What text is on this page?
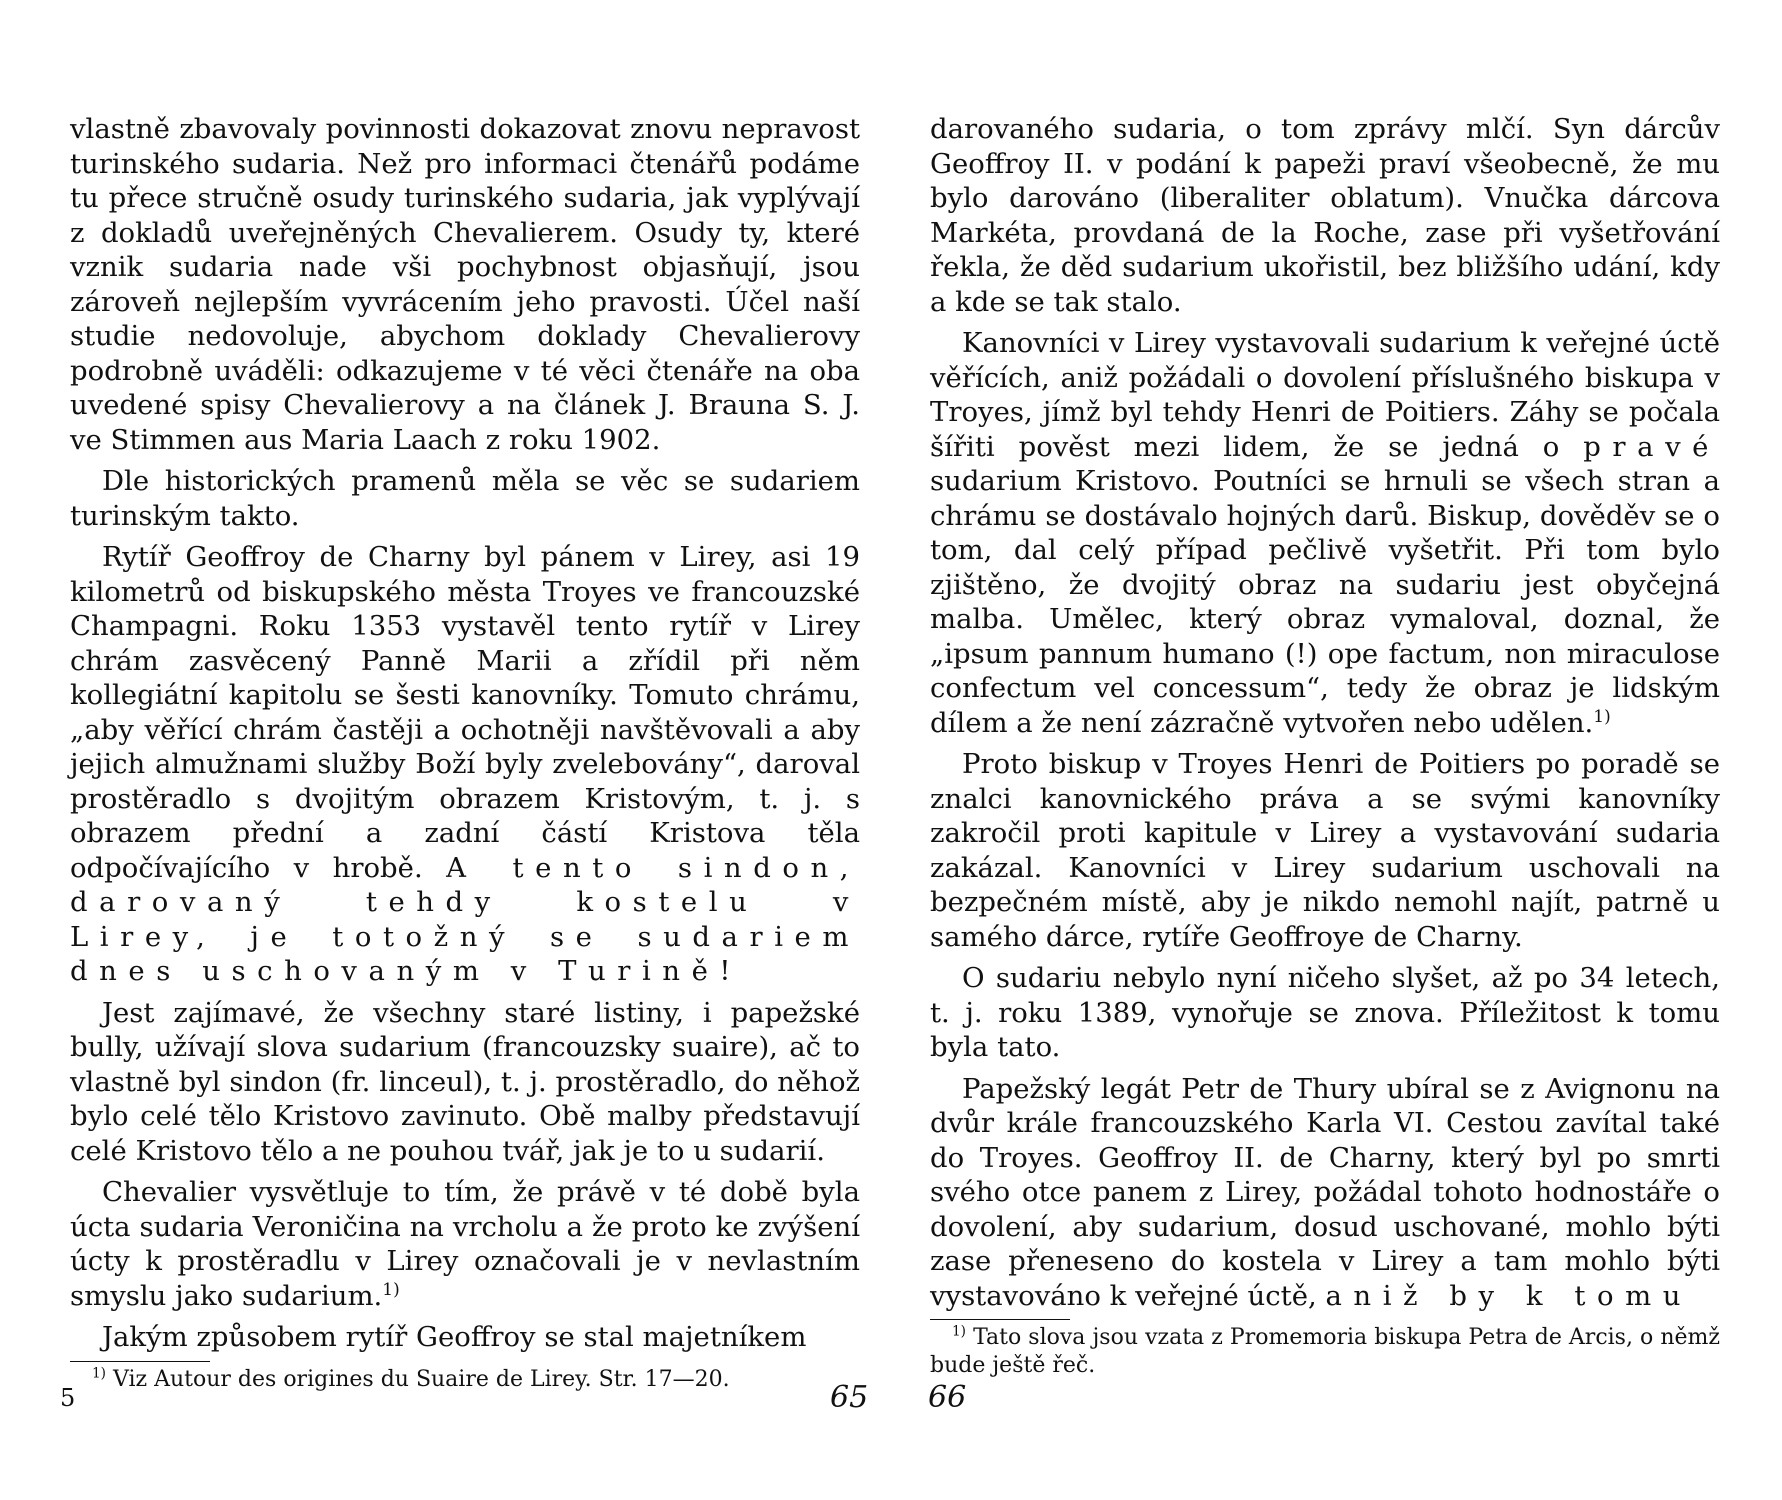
vlastně zbavovaly povinnosti dokazovat znovu nepravost turinského sudaria. Než pro informaci čtenářů podáme tu přece stručně osudy turinského sudaria, jak vyplývají z dokladů uveřejněných Chevalierem. Osudy ty, které vznik sudaria nade vši pochybnost objasňují, jsou zároveň nejlepším vyvrácením jeho pravosti. Účel naší studie nedovoluje, abychom doklady Chevalierovy podrobně uváděli: odkazujeme v té věci čtenáře na oba uvedené spisy Chevalierovy a na článek J. Brauna S. J. ve Stimmen aus Maria Laach z roku 1902.

Dle historických pramenů měla se věc se sudariem turinským takto.

Rytíř Geoffroy de Charny byl pánem v Lirey, asi 19 kilometrů od biskupského města Troyes ve francouzské Champagni. Roku 1353 vystavěl tento rytíř v Lirey chrám zasvěcený Panně Marii a zřídil při něm kollegiátní kapitolu se šesti kanovníky. Tomuto chrámu, „aby věřící chrám častěji a ochotněji navštěvovali a aby jejich almužnami služby Boží byly zvelebovány“, daroval prostěradlo s dvojitým obrazem Kristovým, t. j. s obrazem přední a zadní částí Kristova těla odpočívajícího v hrobě. A tento sindon, darovaný tehdy kostelu v Lirey, je totožný se sudariem dnes uschovaným v Turině!

Jest zajímavé, že všechny staré listiny, i papežské bully, užívají slova sudarium (francouzsky suaire), ač to vlastně byl sindon (fr. linceul), t. j. prostěradlo, do něhož bylo celé tělo Kristovo zavinuto. Obě malby představují celé Kristovo tělo a ne pouhou tvář, jak je to u sudarií.

Chevalier vysvětluje to tím, že právě v té době byla úcta sudaria Veroničina na vrcholu a že proto ke zvýšení úcty k prostěradlu v Lirey označovali je v nevlastním smyslu jako sudarium.$^{1)}$

Jakým způsobem rytíř Geoffroy se stal majetníkem

$^{1)}$ Viz Autour des origines du Suaire de Lirey. Str. 17—20.

darovaného sudaria, o tom zprávy mlčí. Syn dárcův Geoffroy II. v podání k papeži praví všeobecně, že mu bylo darováno (liberaliter oblatum). Vnučka dárcova Markéta, provdaná de la Roche, zase při vyšetřování řekla, že děd sudarium ukořistil, bez bližšího udání, kdy a kde se tak stalo.

Kanovníci v Lirey vystavovali sudarium k veřejné úctě věřících, aniž požádali o dovolení příslušného biskupa v Troyes, jímž byl tehdy Henri de Poitiers. Záhy se počala šířiti pověst mezi lidem, že se jedná o pravé sudarium Kristovo. Poutníci se hrnuli se všech stran a chrámu se dostávalo hojných darů. Biskup, dověděv se o tom, dal celý případ pečlivě vyšetřit. Při tom bylo zjištěno, že dvojitý obraz na sudariu jest obyčejná malba. Umělec, který obraz vymaloval, doznal, že „ipsum pannum humano (!) ope factum, non miraculose confectum vel concessum“, tedy že obraz je lidským dílem a že není zázračně vytvořen nebo udělen.$^{1)}$

Proto biskup v Troyes Henri de Poitiers po poradě se znalci kanovnického práva a se svými kanovníky zakročil proti kapitule v Lirey a vystavování sudaria zakázal. Kanovníci v Lirey sudarium uschovali na bezpečném místě, aby je nikdo nemohl najít, patrně u samého dárce, rytíře Geoffroye de Charny.

O sudariu nebylo nyní ničeho slyšet, až po 34 letech, t. j. roku 1389, vynořuje se znova. Příležitost k tomu byla tato.

Papežský legát Petr de Thury ubíral se z Avignonu na dvůr krále francouzského Karla VI. Cestou zavítal také do Troyes. Geoffroy II. de Charny, který byl po smrti svého otce panem z Lirey, požádal tohoto hodnostáře o dovolení, aby sudarium, dosud uschované, mohlo býti zase přeneseno do kostela v Lirey a tam mohlo býti vystavováno k veřejné úctě, aniž by k tomu

$^{1)}$ Tato slova jsou vzata z Promemoria biskupa Petra de Arcis, o němž bude ještě řeč.

5	65 66
